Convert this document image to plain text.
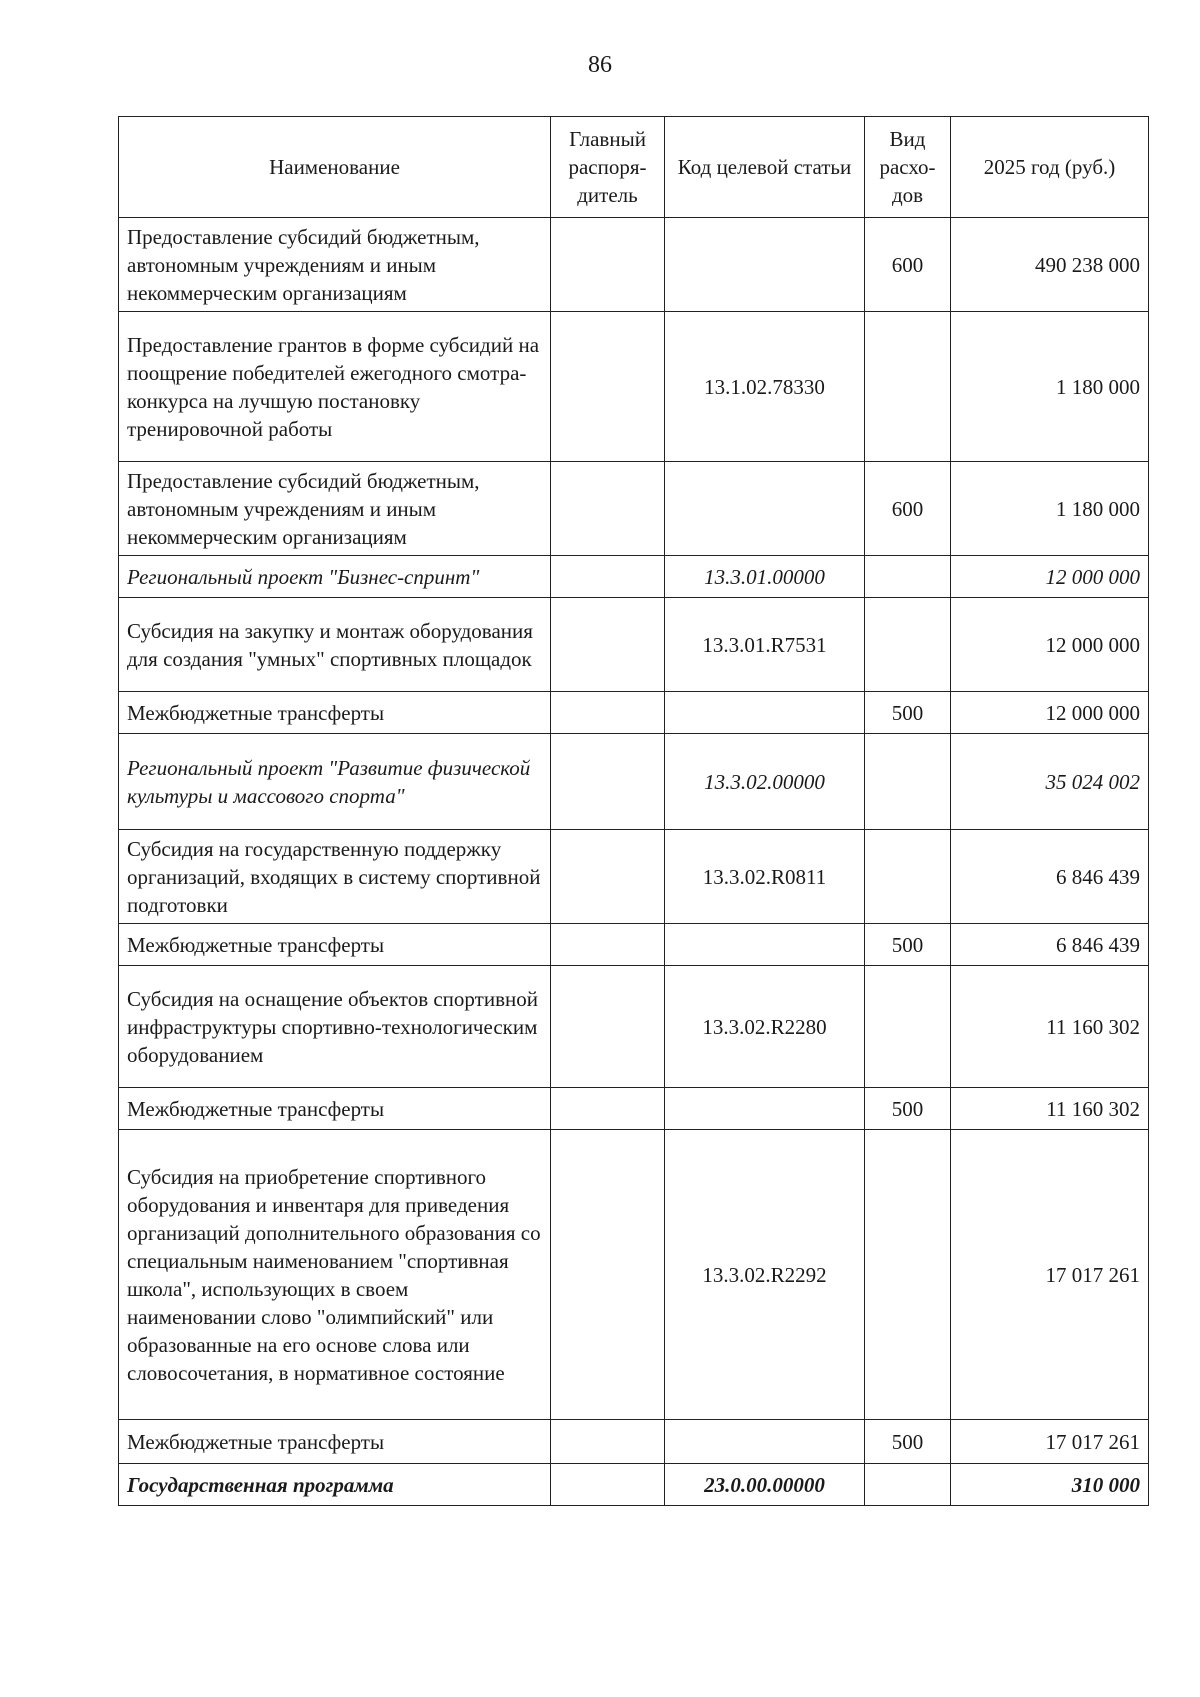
86
Наименование	Главный распоря-дитель	Код целевой статьи	Вид расхо-дов	2025 год (руб.)
Предоставление субсидий бюджетным, автономным учреждениям и иным некоммерческим организациям			600	490 238 000
Предоставление грантов в форме субсидий на поощрение победителей ежегодного смотра-конкурса на лучшую постановку тренировочной работы		13.1.02.78330		1 180 000
Предоставление субсидий бюджетным, автономным учреждениям и иным некоммерческим организациям			600	1 180 000
Региональный проект "Бизнес-спринт"		13.3.01.00000		12 000 000
Субсидия на закупку и монтаж оборудования для создания "умных" спортивных площадок		13.3.01.R7531		12 000 000
Межбюджетные трансферты			500	12 000 000
Региональный проект "Развитие физической культуры и массового спорта"		13.3.02.00000		35 024 002
Субсидия на государственную поддержку организаций, входящих в систему спортивной подготовки		13.3.02.R0811		6 846 439
Межбюджетные трансферты			500	6 846 439
Субсидия на оснащение объектов спортивной инфраструктуры спортивно-технологическим оборудованием		13.3.02.R2280		11 160 302
Межбюджетные трансферты			500	11 160 302
Субсидия на приобретение спортивного оборудования и инвентаря для приведения организаций дополнительного образования со специальным наименованием "спортивная школа", использующих в своем наименовании слово "олимпийский" или образованные на его основе слова или словосочетания, в нормативное состояние		13.3.02.R2292		17 017 261
Межбюджетные трансферты			500	17 017 261
Государственная программа		23.0.00.00000		310 000
